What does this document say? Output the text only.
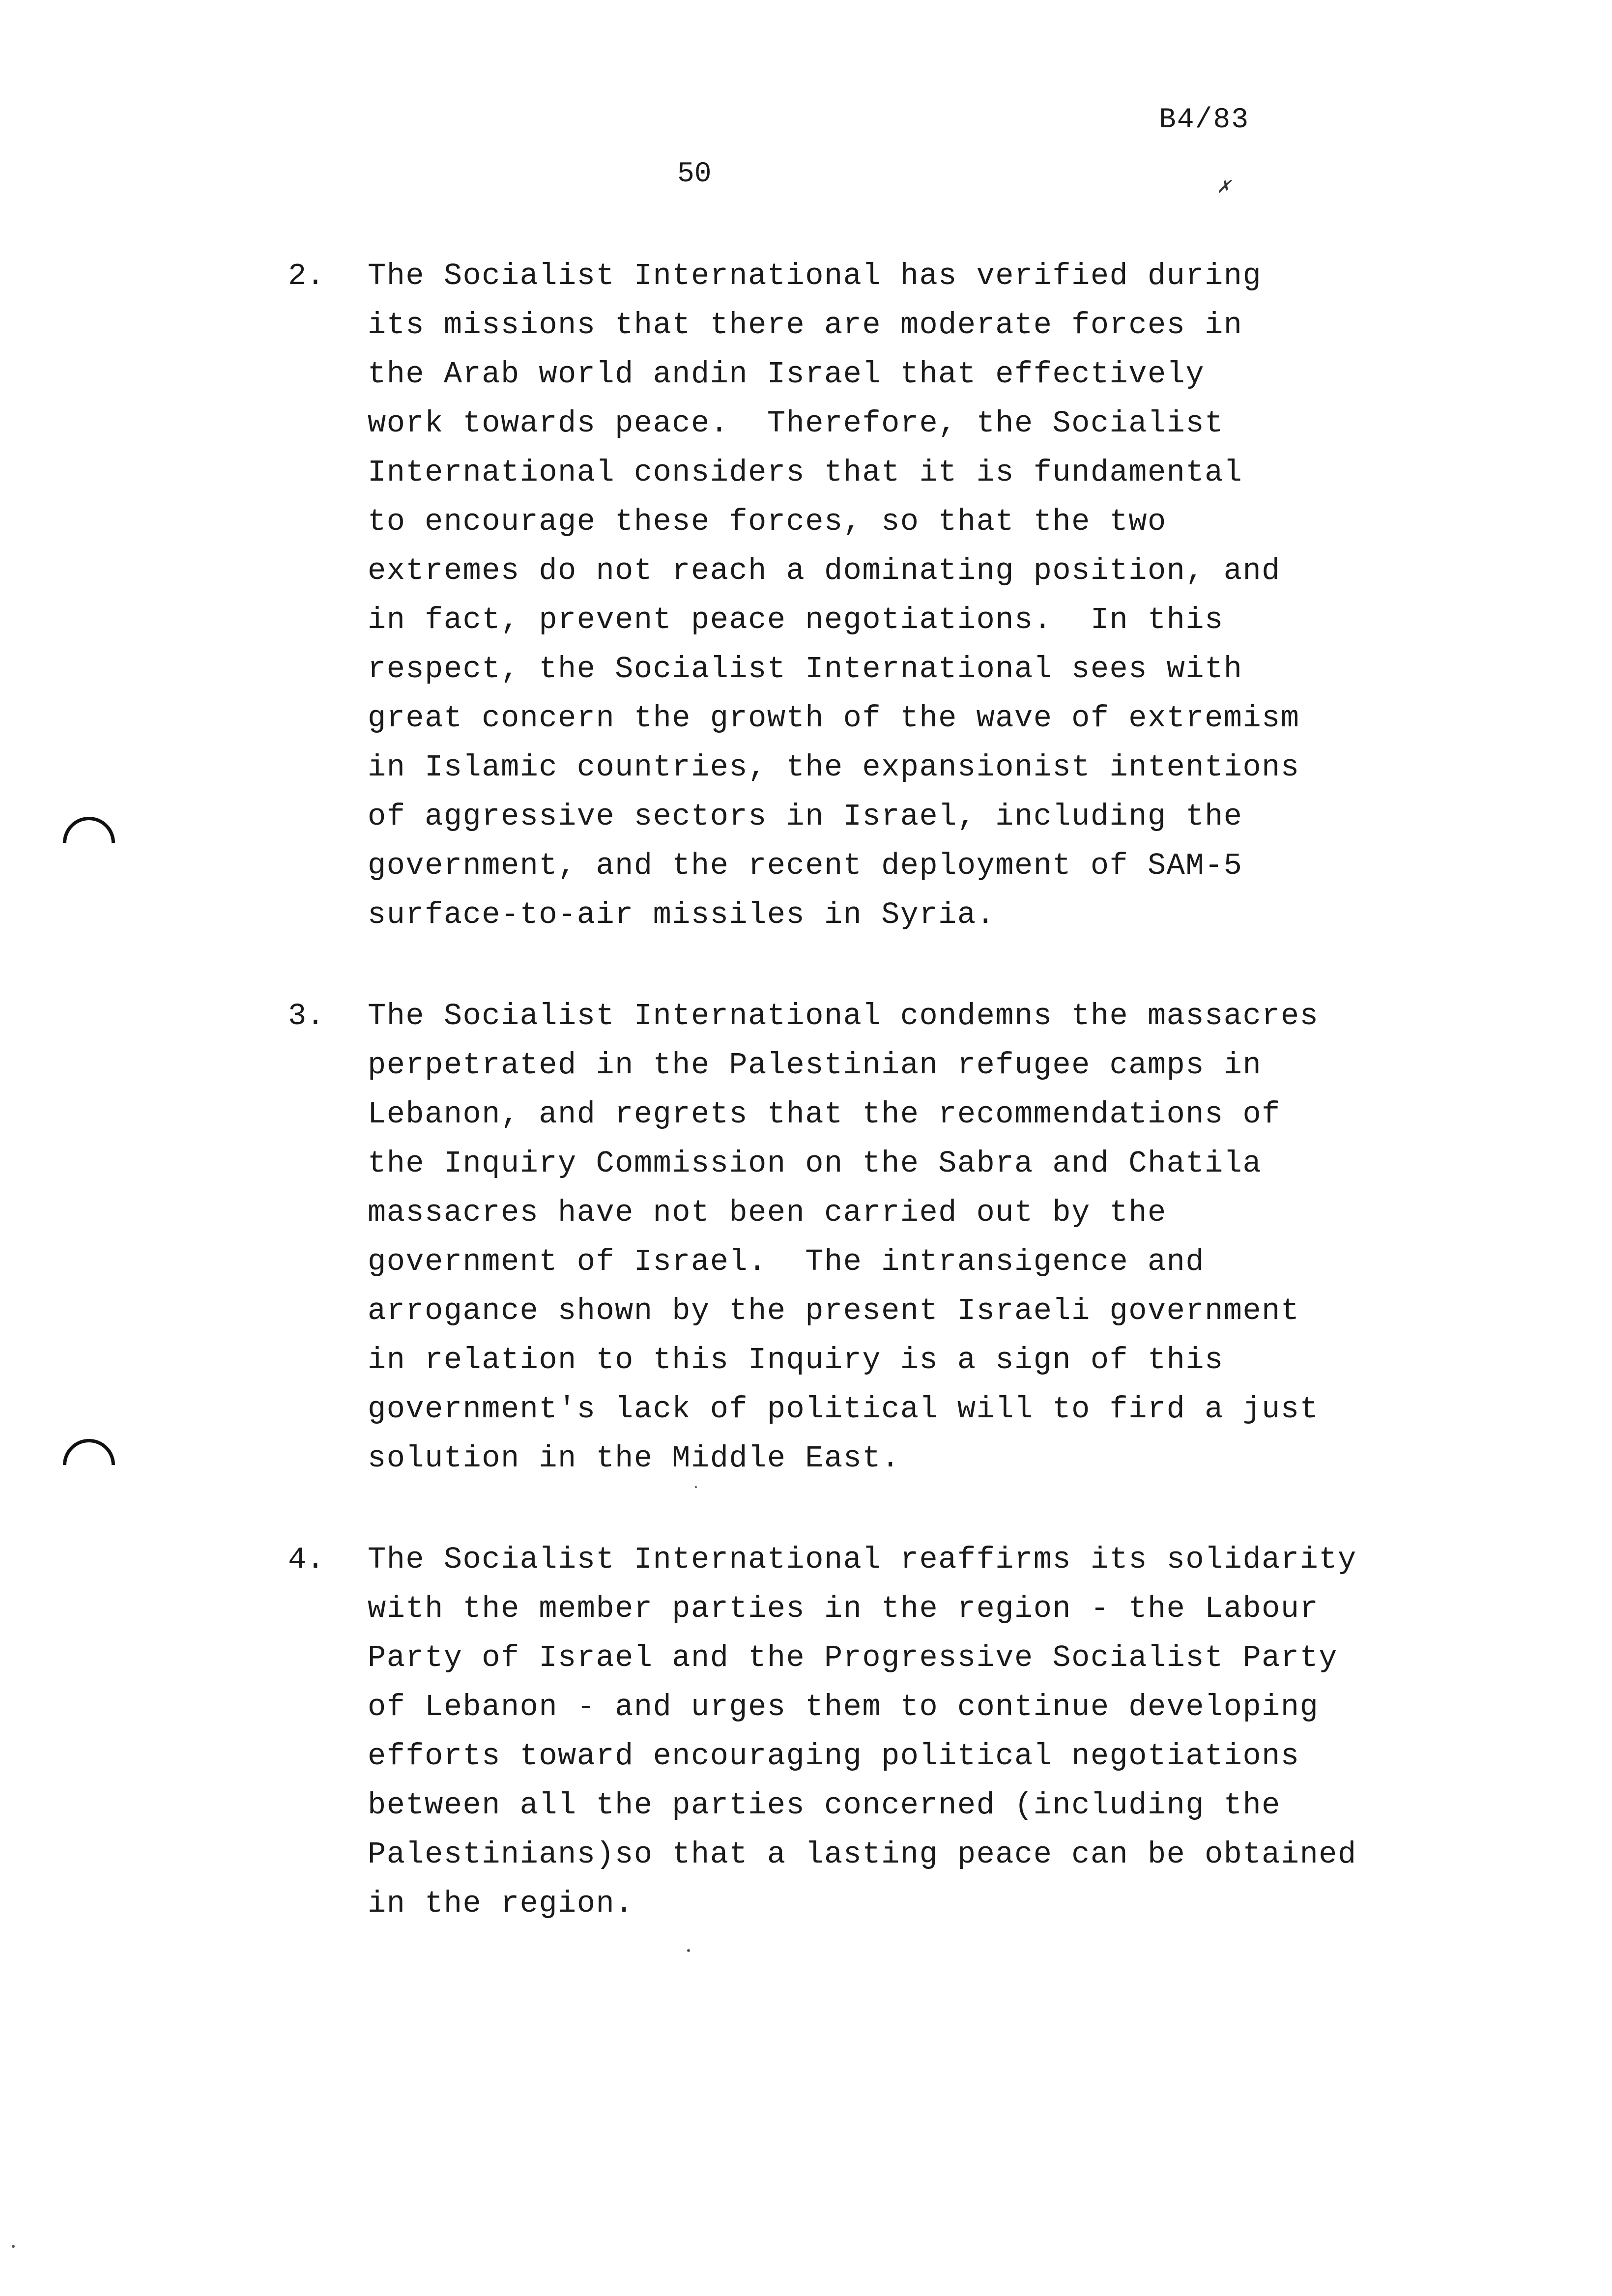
B4/83
50	✗
2. The Socialist International has verified during
its missions that there are moderate forces in
the Arab world andin Israel that effectively
work towards peace.  Therefore, the Socialist
International considers that it is fundamental
to encourage these forces, so that the two
extremes do not reach a dominating position, and
in fact, prevent peace negotiations.  In this
respect, the Socialist International sees with
great concern the growth of the wave of extremism
in Islamic countries, the expansionist intentions
of aggressive sectors in Israel, including the
government, and the recent deployment of SAM-5
surface-to-air missiles in Syria.
3. The Socialist International condemns the massacres
perpetrated in the Palestinian refugee camps in
Lebanon, and regrets that the recommendations of
the Inquiry Commission on the Sabra and Chatila
massacres have not been carried out by the
government of Israel.  The intransigence and
arrogance shown by the present Israeli government
in relation to this Inquiry is a sign of this
government's lack of political will to fird a just
solution in the Middle East.
4. The Socialist International reaffirms its solidarity
with the member parties in the region - the Labour
Party of Israel and the Progressive Socialist Party
of Lebanon - and urges them to continue developing
efforts toward encouraging political negotiations
between all the parties concerned (including the
Palestinians)so that a lasting peace can be obtained
in the region.
